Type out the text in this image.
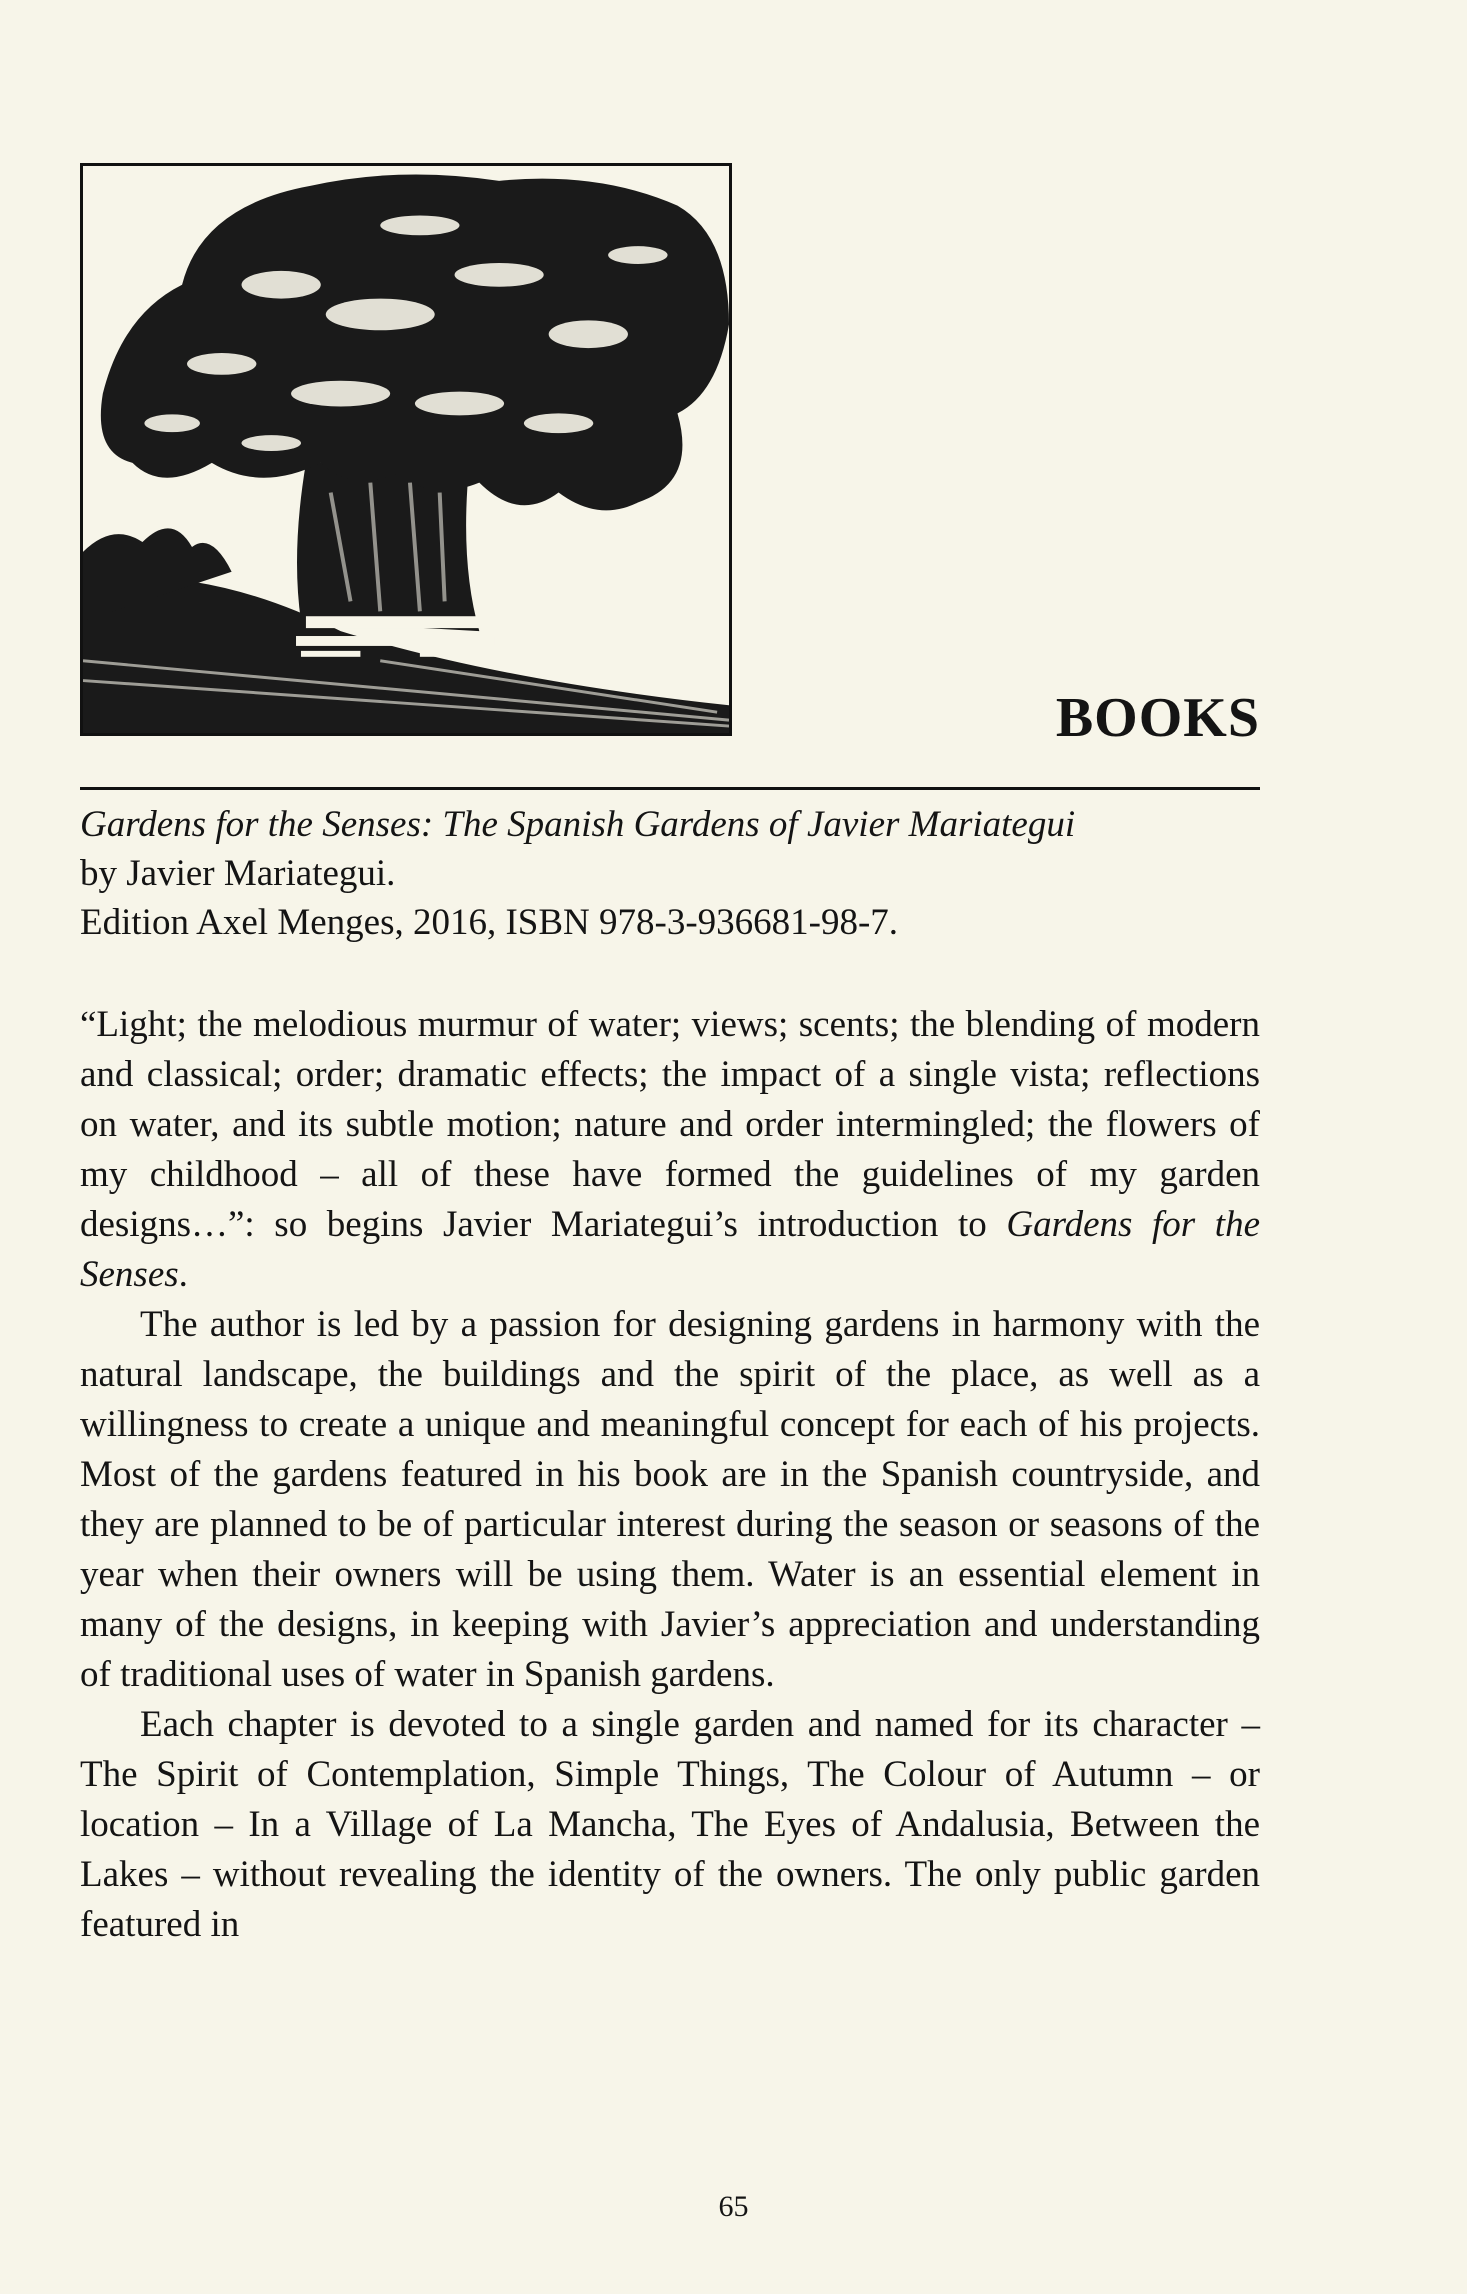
BOOKS
Gardens for the Senses: The Spanish Gardens of Javier Mariategui
by Javier Mariategui.
Edition Axel Menges, 2016, ISBN 978-3-936681-98-7.

“Light; the melodious murmur of water; views; scents; the blending of modern and classical; order; dramatic effects; the impact of a single vista; reflections on water, and its subtle motion; nature and order intermingled; the flowers of my childhood – all of these have formed the guidelines of my garden designs…”: so begins Javier Mariategui’s introduction to Gardens for the Senses.

The author is led by a passion for designing gardens in harmony with the natural landscape, the buildings and the spirit of the place, as well as a willingness to create a unique and meaningful concept for each of his projects. Most of the gardens featured in his book are in the Spanish countryside, and they are planned to be of particular interest during the season or seasons of the year when their owners will be using them. Water is an essential element in many of the designs, in keeping with Javier’s appreciation and understanding of traditional uses of water in Spanish gardens.

Each chapter is devoted to a single garden and named for its character – The Spirit of Contemplation, Simple Things, The Colour of Autumn – or location – In a Village of La Mancha, The Eyes of Andalusia, Between the Lakes – without revealing the identity of the owners. The only public garden featured in

65
